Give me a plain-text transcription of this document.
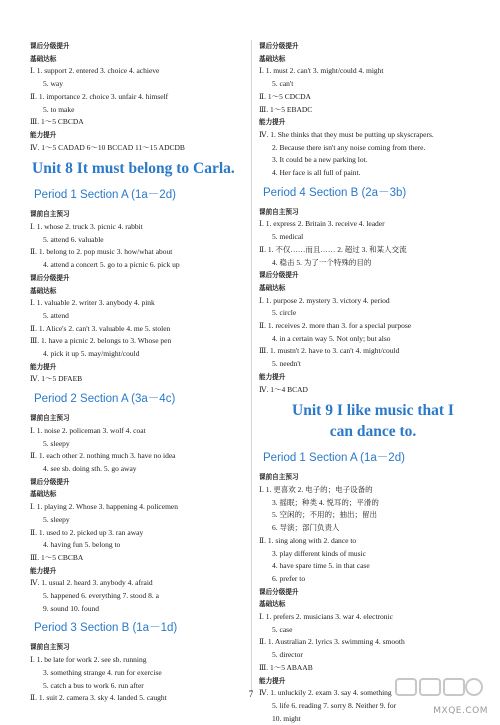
课后分级提升
基础达标
Ⅰ. 1. support 2. entered 3. choice 4. achieve
5. way
Ⅱ. 1. importance 2. choice 3. unfair 4. himself
5. to make
Ⅲ. 1～5 CBCDA
能力提升
Ⅳ. 1～5 CADAD 6～10 BCCAD 11～15 ADCDB
Unit 8 It must belong to Carla.
Period 1 Section A (1a－2d)
课前自主预习
Ⅰ. 1. whose 2. truck 3. picnic 4. rabbit
5. attend 6. valuable
Ⅱ. 1. belong to 2. pop music 3. how/what about
4. attend a concert 5. go to a picnic 6. pick up
课后分级提升
基础达标
Ⅰ. 1. valuable 2. writer 3. anybody 4. pink
5. attend
Ⅱ. 1. Alice's 2. can't 3. valuable 4. me 5. stolen
Ⅲ. 1. have a picnic 2. belongs to 3. Whose pen
4. pick it up 5. may/might/could
能力提升
Ⅳ. 1～5 DFAEB
Period 2 Section A (3a－4c)
课前自主预习
Ⅰ. 1. noise 2. policeman 3. wolf 4. coat
5. sleepy
Ⅱ. 1. each other 2. nothing much 3. have no idea
4. see sb. doing sth. 5. go away
课后分级提升
基础达标
Ⅰ. 1. playing 2. Whose 3. happening 4. policemen
5. sleepy
Ⅱ. 1. used to 2. picked up 3. ran away
4. having fun 5. belong to
Ⅲ. 1～5 CBCBA
能力提升
Ⅳ. 1. usual 2. heard 3. anybody 4. afraid
5. happened 6. everything 7. stood 8. a
9. sound 10. found
Period 3 Section B (1a－1d)
课前自主预习
Ⅰ. 1. be late for work 2. see sb. running
3. something strange 4. run for exercise
5. catch a bus to work 6. run after
Ⅱ. 1. suit 2. camera 3. sky 4. landed 5. caught
课后分级提升
基础达标
Ⅰ. 1. must 2. can't 3. might/could 4. might
5. can't
Ⅱ. 1～5 CDCDA
Ⅲ. 1～5 EBADC
能力提升
Ⅳ. 1. She thinks that they must be putting up skyscrapers.
2. Because there isn't any noise coming from there.
3. It could be a new parking lot.
4. Her face is all full of paint.
Period 4 Section B (2a－3b)
课前自主预习
Ⅰ. 1. express 2. Britain 3. receive 4. leader
5. medical
Ⅱ. 1. 不仅……而且…… 2. 超过 3. 和某人交流
4. 稳击 5. 为了一个特殊的目的
课后分级提升
基础达标
Ⅰ. 1. purpose 2. mystery 3. victory 4. period
5. circle
Ⅱ. 1. receives 2. more than 3. for a special purpose
4. in a certain way 5. Not only; but also
Ⅲ. 1. mustn't 2. have to 3. can't 4. might/could
5. needn't
能力提升
Ⅳ. 1～4 BCAD
Unit 9 I like music that I
can dance to.
Period 1 Section A (1a－2d)
课前自主预习
Ⅰ. 1. 更喜欢 2. 电子的；电子设备的
3. 摇眠；种类 4. 悦耳的；平滑的
5. 空闲的；不用的；抽出；留出
6. 导演；部门负责人
Ⅱ. 1. sing along with 2. dance to
3. play different kinds of music
4. have spare time 5. in that case
6. prefer to
课后分级提升
基础达标
Ⅰ. 1. prefers 2. musicians 3. war 4. electronic
5. case
Ⅱ. 1. Australian 2. lyrics 3. swimming 4. smooth
5. director
Ⅲ. 1～5 ABAAB
能力提升
Ⅳ. 1. unluckily 2. exam 3. say 4. something
5. life 6. reading 7. sorry 8. Neither 9. for
10. might
7
MXQE.COM
